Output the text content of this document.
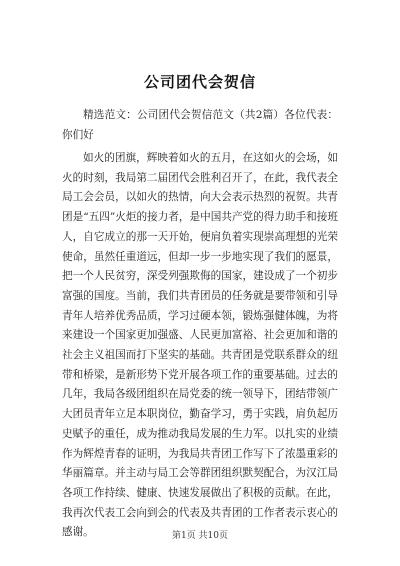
公司团代会贺信

精选范文：公司团代会贺信范文（共2篇）各位代表：你们好

如火的团旗，辉映着如火的五月，在这如火的会场，如火的时刻，我局第二届团代会胜利召开了，在此，我代表全局工会会员，以如火的热情，向大会表示热烈的祝贺。共青团是“五四”火炬的接力者，是中国共产党的得力助手和接班人，自它成立的那一天开始，便肩负着实现崇高理想的光荣使命，虽然任重道远，但却一步一步地实现了我们的愿景，把一个人民贫穷，深受列强欺侮的国家，建设成了一个初步富强的国度。当前，我们共青团员的任务就是要带领和引导青年人培养优秀品质，学习过硬本领，锻炼强健体魄，为将来建设一个国家更加强盛、人民更加富裕、社会更加和谐的社会主义祖国而打下坚实的基础。共青团是党联系群众的纽带和桥梁，是新形势下党开展各项工作的重要基础。过去的几年，我局各级团组织在局党委的统一领导下，团结带领广大团员青年立足本职岗位，勤奋学习，勇于实践，肩负起历史赋予的重任，成为推动我局发展的生力军。以扎实的业绩作为辉煌青春的证明，为我局共青团工作写下了浓墨重彩的华丽篇章。并主动与局工会等群团组织默契配合，为汉江局各项工作持续、健康、快速发展做出了积极的贡献。在此，我再次代表工会向到会的代表及共青团的工作者表示衷心的感谢。	第1页 共10页
